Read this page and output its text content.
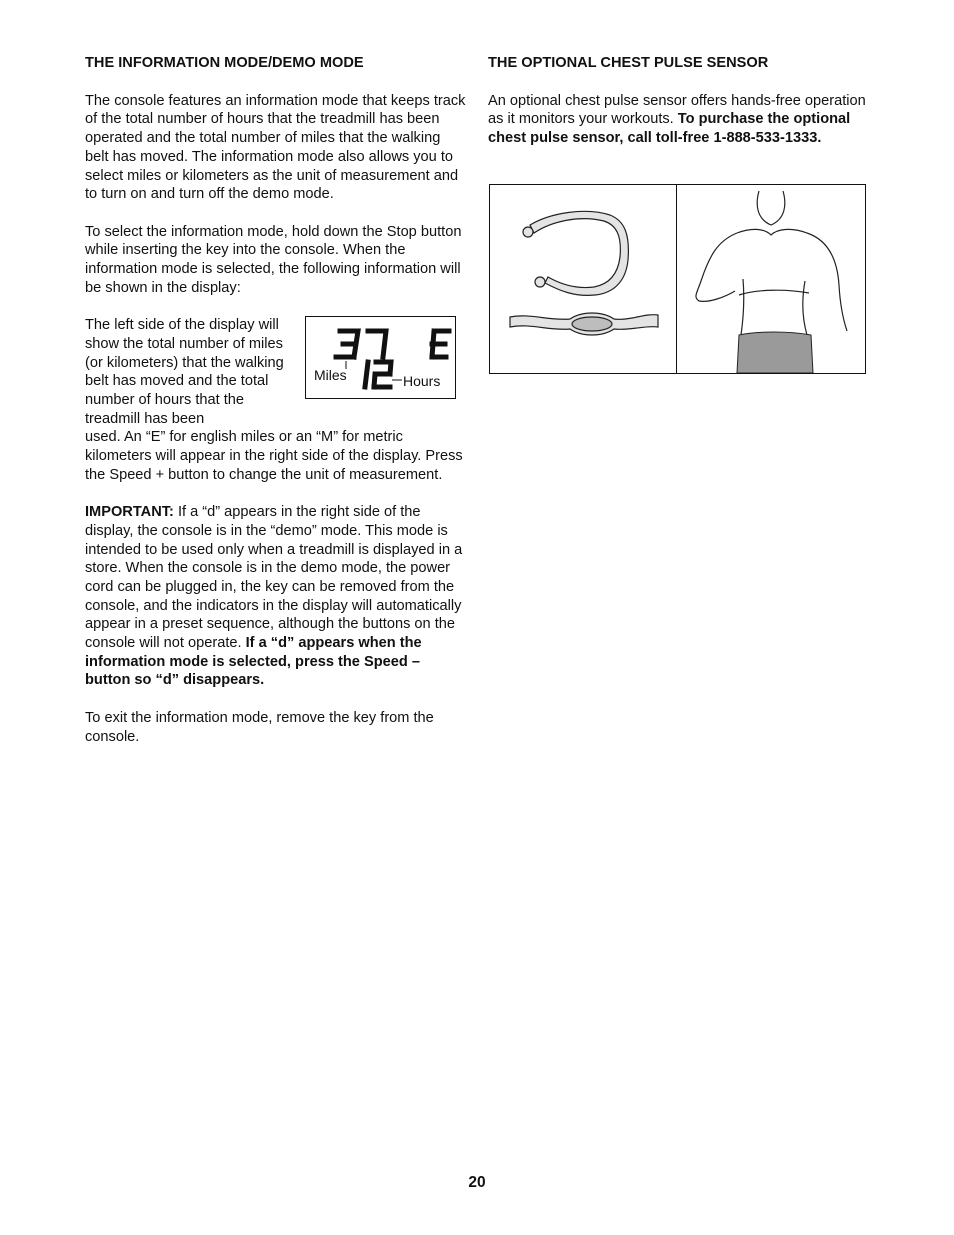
THE INFORMATION MODE/DEMO MODE

The console features an information mode that keeps track of the total number of hours that the treadmill has been operated and the total number of miles that the walking belt has moved. The information mode also allows you to select miles or kilometers as the unit of measurement and to turn on and turn off the demo mode.

To select the information mode, hold down the Stop button while inserting the key into the console. When the information mode is selected, the following information will be shown in the display:

The left side of the display will show the total number of miles (or kilometers) that the walking belt has moved and the total number of hours that the treadmill has been

Miles	Hours

used. An “E” for english miles or an “M” for metric kilometers will appear in the right side of the display. Press the Speed + button to change the unit of measurement.

IMPORTANT: If a “d” appears in the right side of the display, the console is in the “demo” mode. This mode is intended to be used only when a treadmill is displayed in a store. When the console is in the demo mode, the power cord can be plugged in, the key can be removed from the console, and the indicators in the display will automatically appear in a preset sequence, although the buttons on the console will not operate. If a “d” appears when the information mode is selected, press the Speed – button so “d” disappears.

To exit the information mode, remove the key from the console.

THE OPTIONAL CHEST PULSE SENSOR

An optional chest pulse sensor offers hands-free operation as it monitors your workouts. To purchase the optional chest pulse sensor, call toll-free 1-888-533-1333.

20
